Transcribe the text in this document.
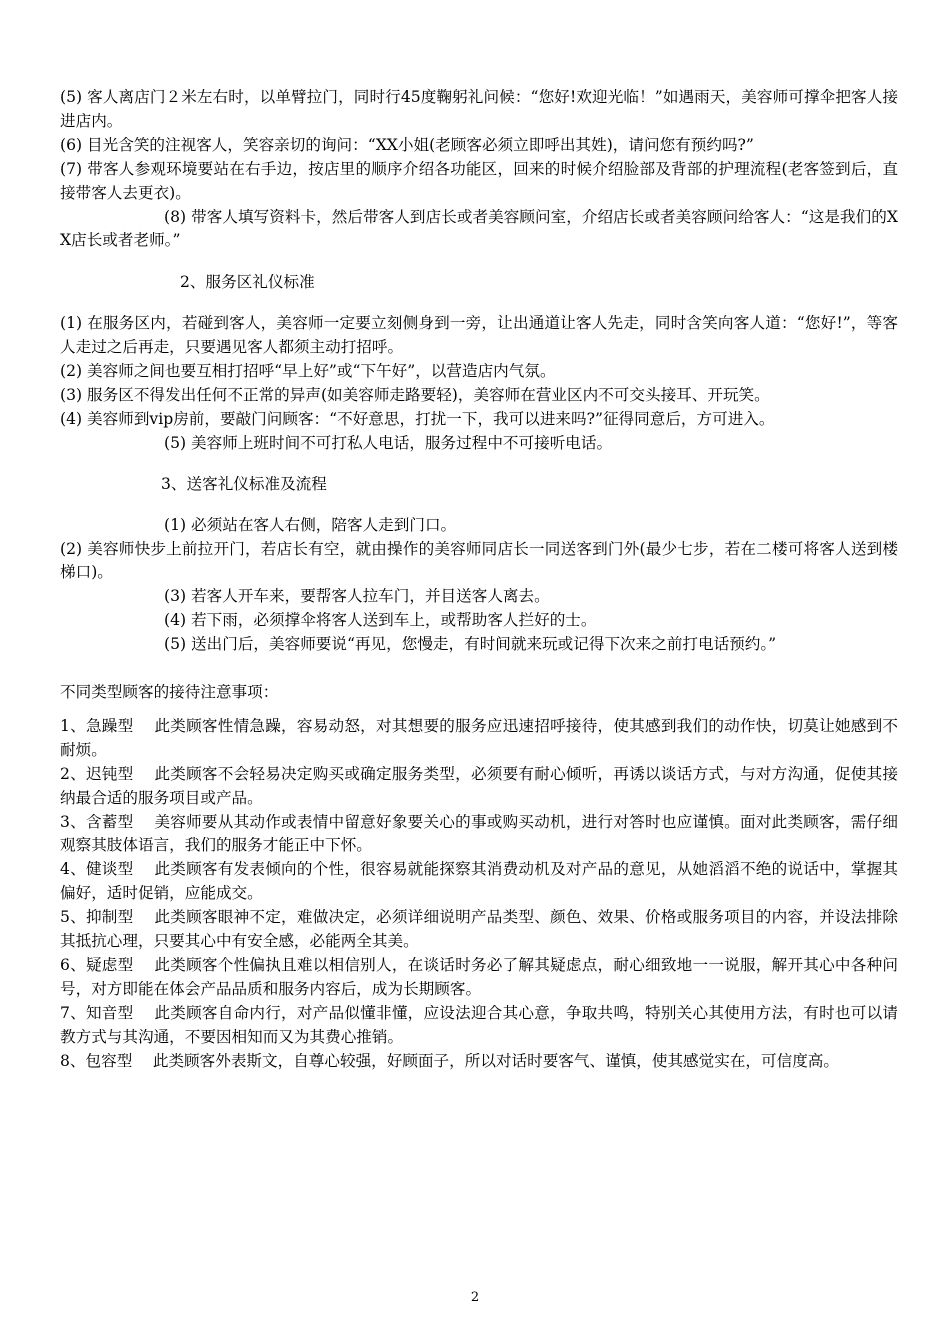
(5) 客人离店门２米左右时，以单臂拉门，同时行45度鞠躬礼问候：“您好!欢迎光临！”如遇雨天，美容师可撑伞把客人接进店内。

(6) 目光含笑的注视客人，笑容亲切的询问：“XX小姐(老顾客必须立即呼出其姓)，请问您有预约吗?”

(7) 带客人参观环境要站在右手边，按店里的顺序介绍各功能区，回来的时候介绍脸部及背部的护理流程(老客签到后，直接带客人去更衣)。

(8) 带客人填写资料卡，然后带客人到店长或者美容顾问室，介绍店长或者美容顾问给客人：“这是我们的XX店长或者老师。”

2、服务区礼仪标准

(1) 在服务区内，若碰到客人，美容师一定要立刻侧身到一旁，让出通道让客人先走，同时含笑向客人道：“您好!”，等客人走过之后再走，只要遇见客人都须主动打招呼。

(2) 美容师之间也要互相打招呼“早上好”或“下午好”，以营造店内气氛。

(3) 服务区不得发出任何不正常的异声(如美容师走路要轻)，美容师在营业区内不可交头接耳、开玩笑。

(4) 美容师到vip房前，要敲门问顾客：“不好意思，打扰一下，我可以进来吗?”征得同意后，方可进入。

(5) 美容师上班时间不可打私人电话，服务过程中不可接听电话。

3、送客礼仪标准及流程

(1) 必须站在客人右侧，陪客人走到门口。

(2) 美容师快步上前拉开门，若店长有空，就由操作的美容师同店长一同送客到门外(最少七步，若在二楼可将客人送到楼梯口)。

(3) 若客人开车来，要帮客人拉车门，并目送客人离去。

(4) 若下雨，必须撑伞将客人送到车上，或帮助客人拦好的士。

(5) 送出门后，美容师要说“再见，您慢走，有时间就来玩或记得下次来之前打电话预约。”

不同类型顾客的接待注意事项：

1、急躁型　 此类顾客性情急躁，容易动怒，对其想要的服务应迅速招呼接待，使其感到我们的动作快，切莫让她感到不耐烦。

2、迟钝型　 此类顾客不会轻易决定购买或确定服务类型，必须要有耐心倾听，再诱以谈话方式，与对方沟通，促使其接纳最合适的服务项目或产品。

3、含蓄型　 美容师要从其动作或表情中留意好象要关心的事或购买动机，进行对答时也应谨慎。面对此类顾客，需仔细观察其肢体语言，我们的服务才能正中下怀。

4、健谈型　 此类顾客有发表倾向的个性，很容易就能探察其消费动机及对产品的意见，从她滔滔不绝的说话中，掌握其偏好，适时促销，应能成交。

5、抑制型　 此类顾客眼神不定，难做决定，必须详细说明产品类型、颜色、效果、价格或服务项目的内容，并设法排除其抵抗心理，只要其心中有安全感，必能两全其美。

6、疑虑型　 此类顾客个性偏执且难以相信别人，在谈话时务必了解其疑虑点，耐心细致地一一说服，解开其心中各种问号，对方即能在体会产品品质和服务内容后，成为长期顾客。

7、知音型　 此类顾客自命内行，对产品似懂非懂，应设法迎合其心意，争取共鸣，特别关心其使用方法，有时也可以请教方式与其沟通，不要因相知而又为其费心推销。

8、包容型　 此类顾客外表斯文，自尊心较强，好顾面子，所以对话时要客气、谨慎，使其感觉实在，可信度高。

2
